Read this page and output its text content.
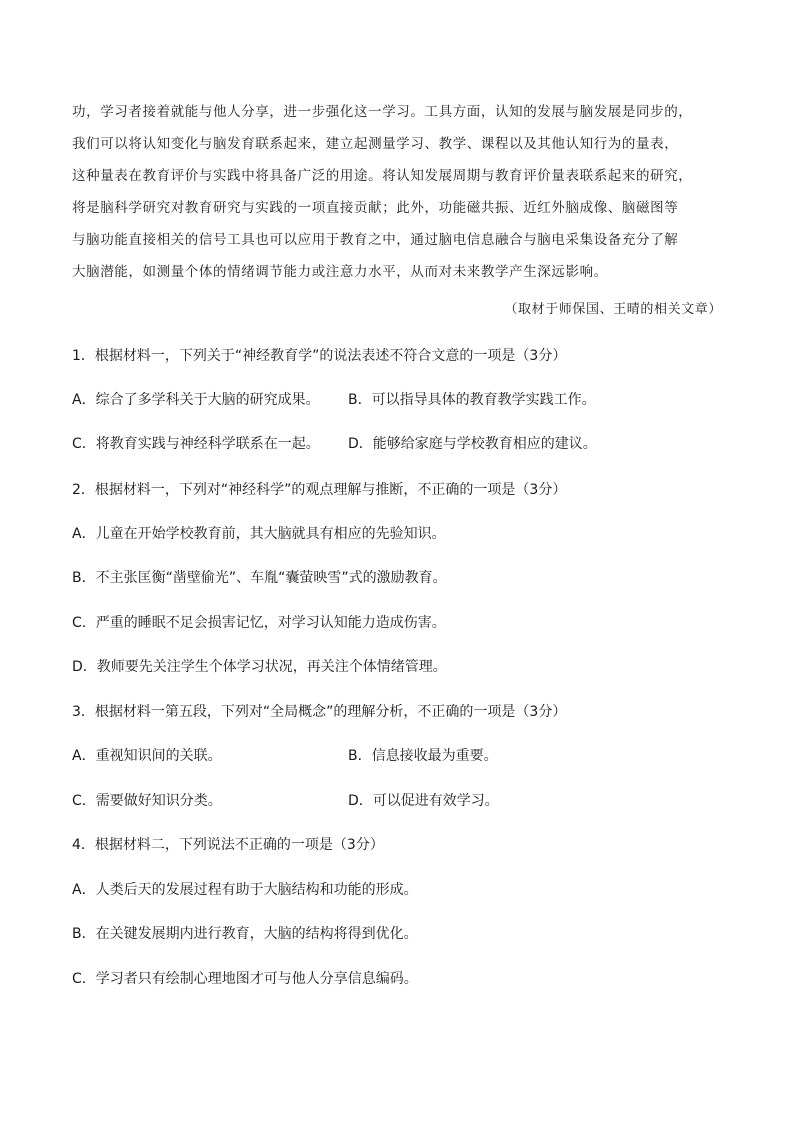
功，学习者接着就能与他人分享，进一步强化这一学习。工具方面，认知的发展与脑发展是同步的，
我们可以将认知变化与脑发育联系起来，建立起测量学习、教学、课程以及其他认知行为的量表，
这种量表在教育评价与实践中将具备广泛的用途。将认知发展周期与教育评价量表联系起来的研究，
将是脑科学研究对教育研究与实践的一项直接贡献；此外，功能磁共振、近红外脑成像、脑磁图等
与脑功能直接相关的信号工具也可以应用于教育之中，通过脑电信息融合与脑电采集设备充分了解
大脑潜能，如测量个体的情绪调节能力或注意力水平，从而对未来教学产生深远影响。
（取材于师保国、王晴的相关文章）
1．根据材料一，下列关于“神经教育学”的说法表述不符合文意的一项是（3分）
A．综合了多学科关于大脑的研究成果。 B．可以指导具体的教育教学实践工作。
C．将教育实践与神经科学联系在一起。 D．能够给家庭与学校教育相应的建议。
2．根据材料一，下列对“神经科学”的观点理解与推断，不正确的一项是（3分）
A．儿童在开始学校教育前，其大脑就具有相应的先验知识。
B．不主张匡衡“凿壁偷光”、车胤“囊萤映雪”式的激励教育。
C．严重的睡眠不足会损害记忆，对学习认知能力造成伤害。
D．教师要先关注学生个体学习状况，再关注个体情绪管理。
3．根据材料一第五段，下列对“全局概念”的理解分析，不正确的一项是（3分）
A．重视知识间的关联。	B．信息接收最为重要。
C．需要做好知识分类。	D．可以促进有效学习。
4．根据材料二，下列说法不正确的一项是（3分）
A．人类后天的发展过程有助于大脑结构和功能的形成。
B．在关键发展期内进行教育，大脑的结构将得到优化。
C．学习者只有绘制心理地图才可与他人分享信息编码。
